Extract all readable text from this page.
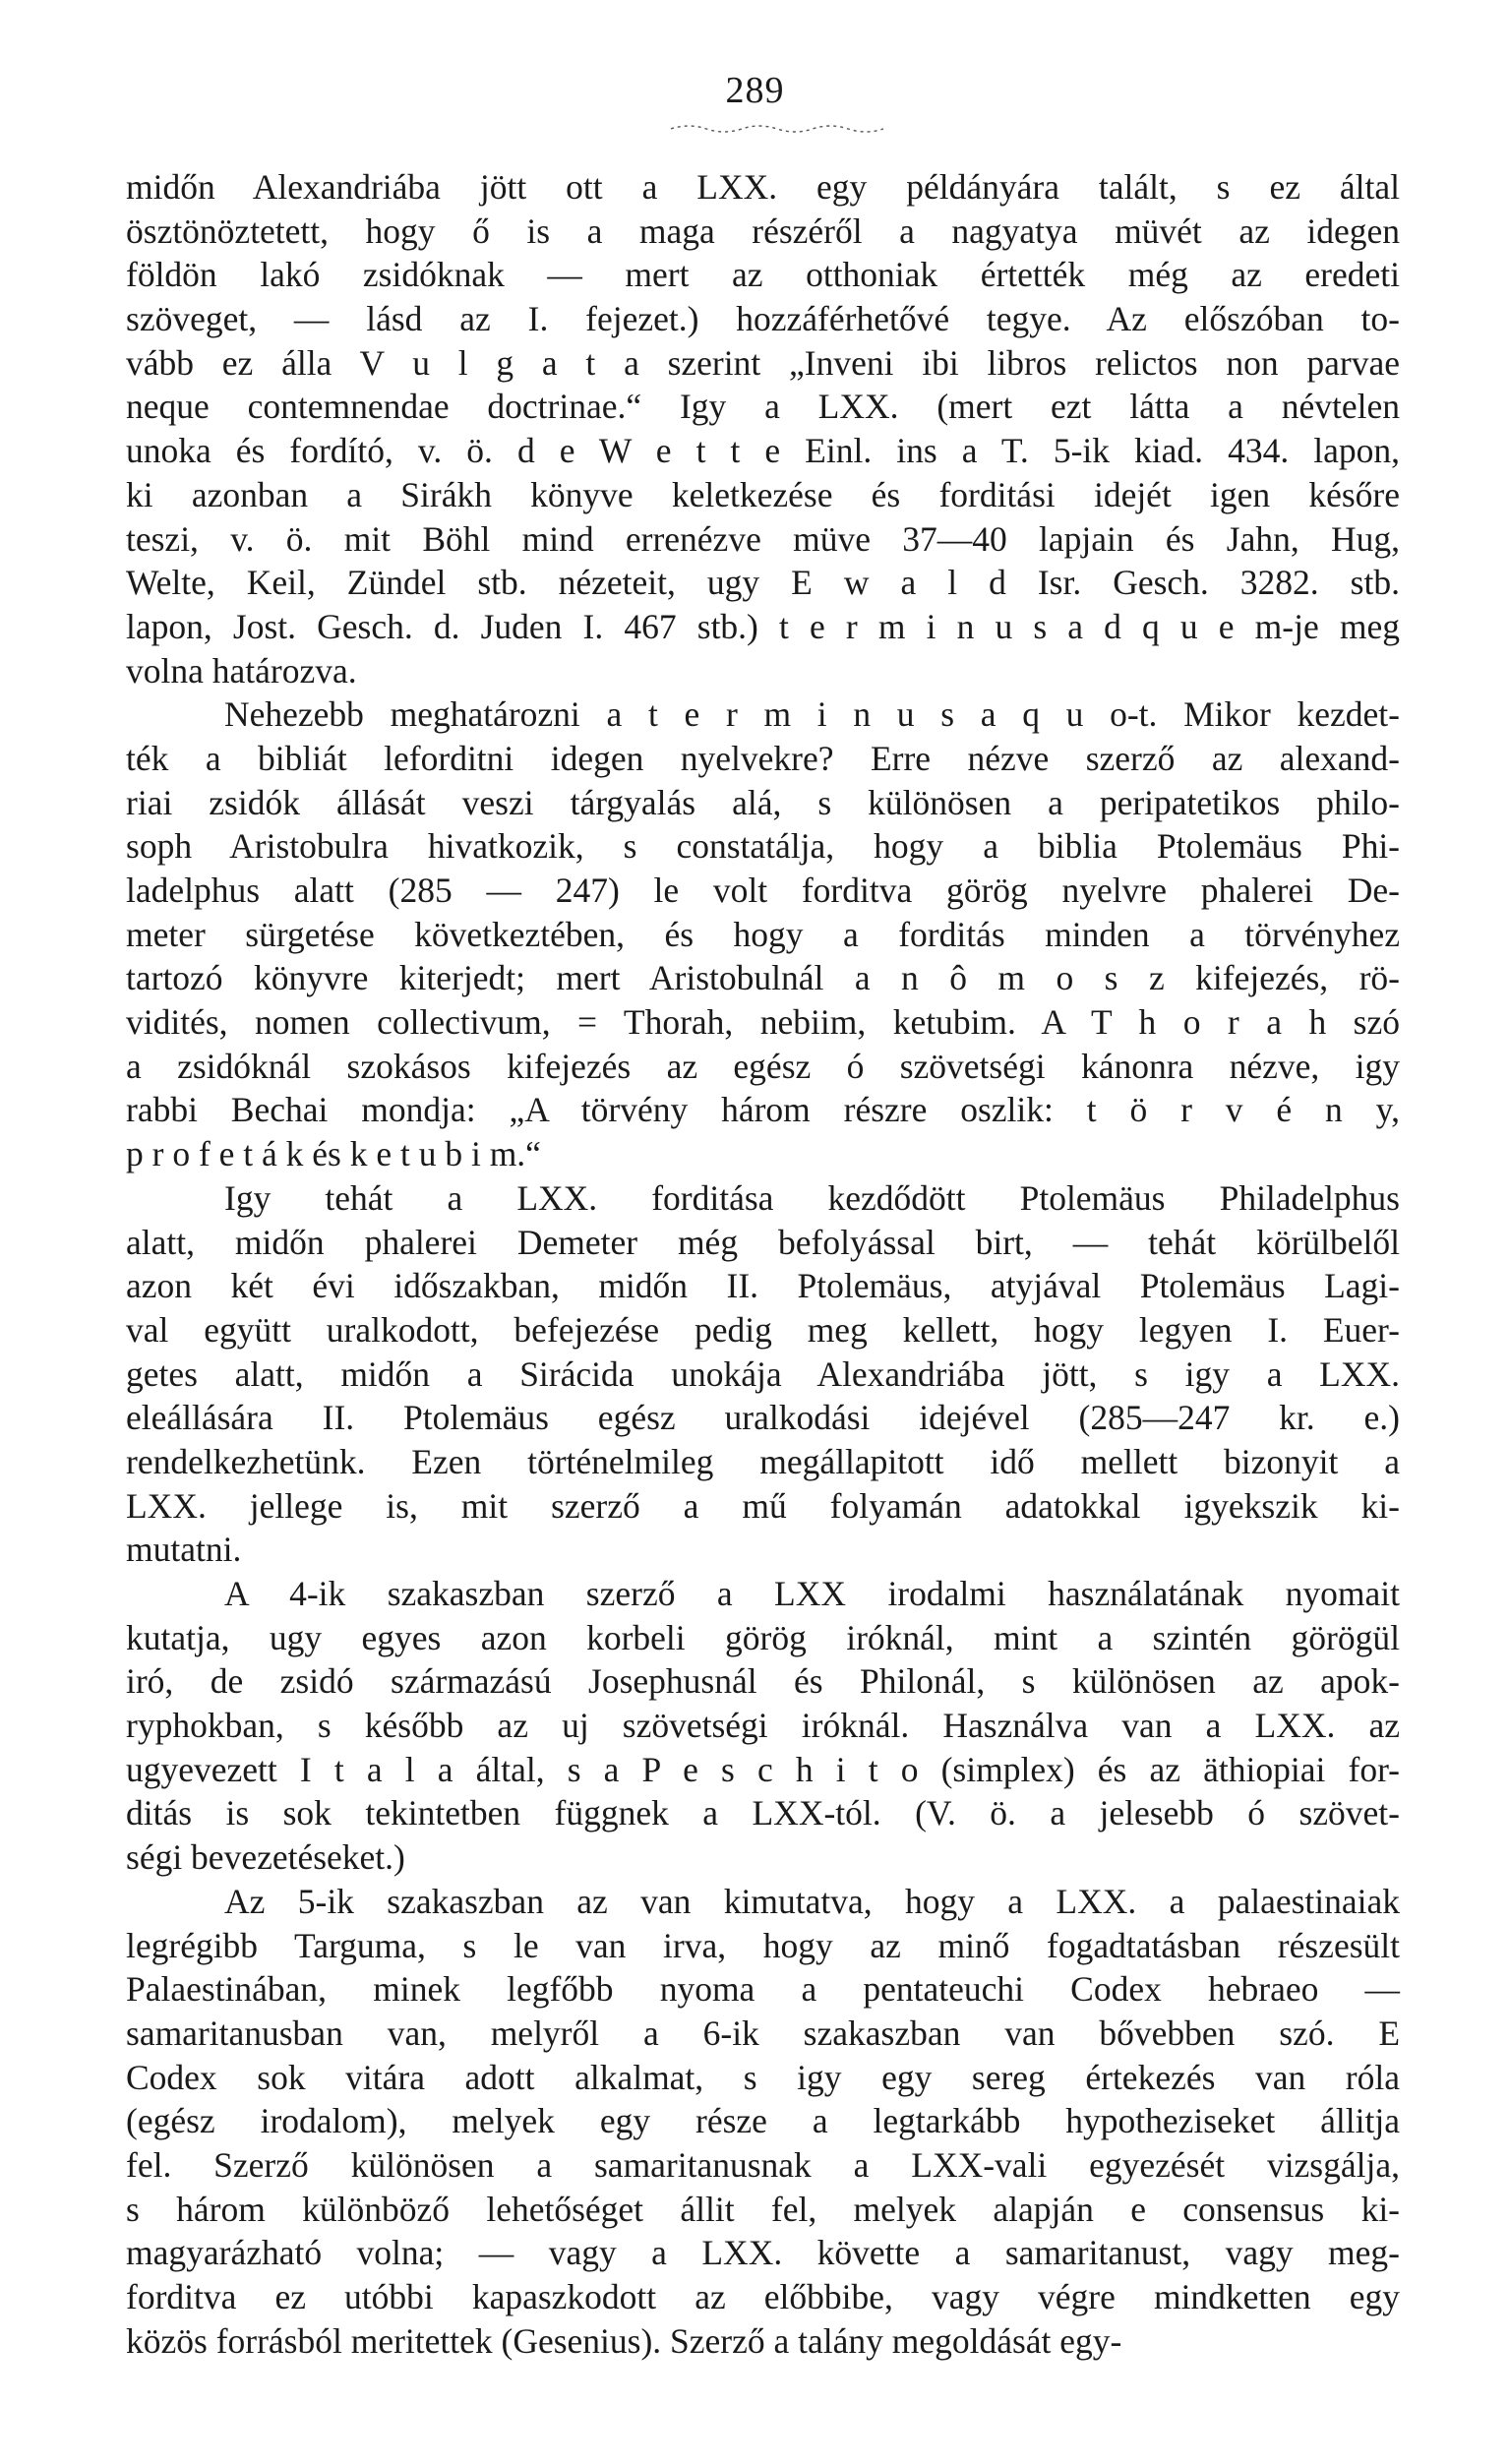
289
midőn Alexandriába jött ott a LXX. egy példányára talált, s ez által
ösztönöztetett, hogy ő is a maga részéről a nagyatya müvét az idegen
földön lakó zsidóknak — mert az otthoniak értették még az eredeti
szöveget, — lásd az I. fejezet.) hozzáférhetővé tegye. Az előszóban to-
vább ez álla V u l g a t a szerint „Inveni ibi libros relictos non parvae
neque contemnendae doctrinae.“ Igy a LXX. (mert ezt látta a névtelen
unoka és fordító, v. ö. d e W e t t e Einl. ins a T. 5-ik kiad. 434. lapon,
ki azonban a Sirákh könyve keletkezése és forditási idejét igen későre
teszi, v. ö. mit Böhl mind errenézve müve 37—40 lapjain és Jahn, Hug,
Welte, Keil, Zündel stb. nézeteit, ugy E w a l d Isr. Gesch. 3282. stb.
lapon, Jost. Gesch. d. Juden I. 467 stb.) t e r m i n u s a d q u e m-je meg
volna határozva.
Nehezebb meghatározni a t e r m i n u s a q u o-t. Mikor kezdet-
ték a bibliát leforditni idegen nyelvekre? Erre nézve szerző az alexand-
riai zsidók állását veszi tárgyalás alá, s különösen a peripatetikos philo-
soph Aristobulra hivatkozik, s constatálja, hogy a biblia Ptolemäus Phi-
ladelphus alatt (285 — 247) le volt forditva görög nyelvre phalerei De-
meter sürgetése következtében, és hogy a forditás minden a törvényhez
tartozó könyvre kiterjedt; mert Aristobulnál a n ô m o s z kifejezés, rö-
vidités, nomen collectivum, = Thorah, nebiim, ketubim. A T h o r a h szó
a zsidóknál szokásos kifejezés az egész ó szövetségi kánonra nézve, igy
rabbi Bechai mondja: „A törvény három részre oszlik: t ö r v é n y,
p r o f e t á k és k e t u b i m.“
Igy tehát a LXX. forditása kezdődött Ptolemäus Philadelphus
alatt, midőn phalerei Demeter még befolyással birt, — tehát körülbelől
azon két évi időszakban, midőn II. Ptolemäus, atyjával Ptolemäus Lagi-
val együtt uralkodott, befejezése pedig meg kellett, hogy legyen I. Euer-
getes alatt, midőn a Sirácida unokája Alexandriába jött, s igy a LXX.
eleállására II. Ptolemäus egész uralkodási idejével (285—247 kr. e.)
rendelkezhetünk. Ezen történelmileg megállapitott idő mellett bizonyit a
LXX. jellege is, mit szerző a mű folyamán adatokkal igyekszik ki-
mutatni.
A 4-ik szakaszban szerző a LXX irodalmi használatának nyomait
kutatja, ugy egyes azon korbeli görög iróknál, mint a szintén görögül
iró, de zsidó származású Josephusnál és Philonál, s különösen az apok-
ryphokban, s később az uj szövetségi iróknál. Használva van a LXX. az
ugyevezett I t a l a által, s a P e s c h i t o (simplex) és az äthiopiai for-
ditás is sok tekintetben függnek a LXX-tól. (V. ö. a jelesebb ó szövet-
ségi bevezetéseket.)
Az 5-ik szakaszban az van kimutatva, hogy a LXX. a palaestinaiak
legrégibb Targuma, s le van irva, hogy az minő fogadtatásban részesült
Palaestinában, minek legfőbb nyoma a pentateuchi Codex hebraeo —
samaritanusban van, melyről a 6-ik szakaszban van bővebben szó. E
Codex sok vitára adott alkalmat, s igy egy sereg értekezés van róla
(egész irodalom), melyek egy része a legtarkább hypotheziseket állitja
fel. Szerző különösen a samaritanusnak a LXX-vali egyezését vizsgálja,
s három különböző lehetőséget állit fel, melyek alapján e consensus ki-
magyarázható volna; — vagy a LXX. követte a samaritanust, vagy meg-
forditva ez utóbbi kapaszkodott az előbbibe, vagy végre mindketten egy
közös forrásból meritettek (Gesenius). Szerző a talány megoldását egy-
